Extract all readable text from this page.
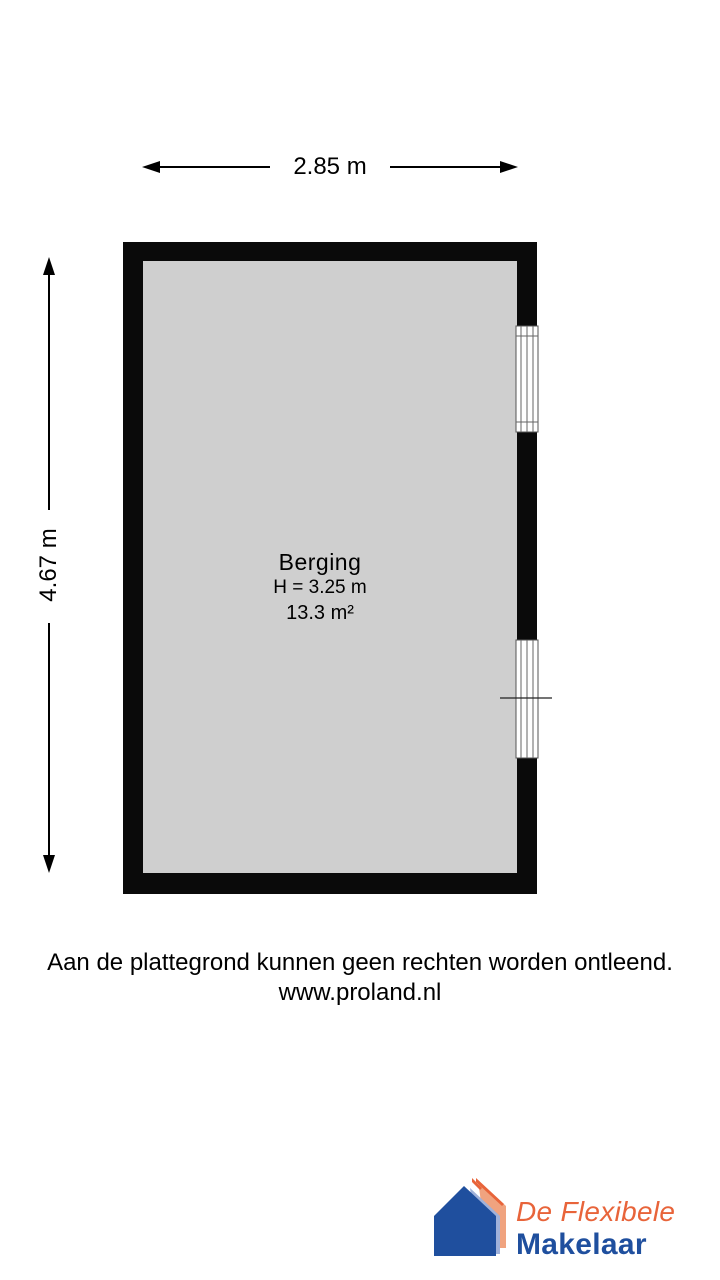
2.85 m
4.67 m	Berging
H = 3.25 m
13.3 m²
Aan de plattegrond kunnen geen rechten worden ontleend.
www.proland.nl
De Flexibele
Makelaar
